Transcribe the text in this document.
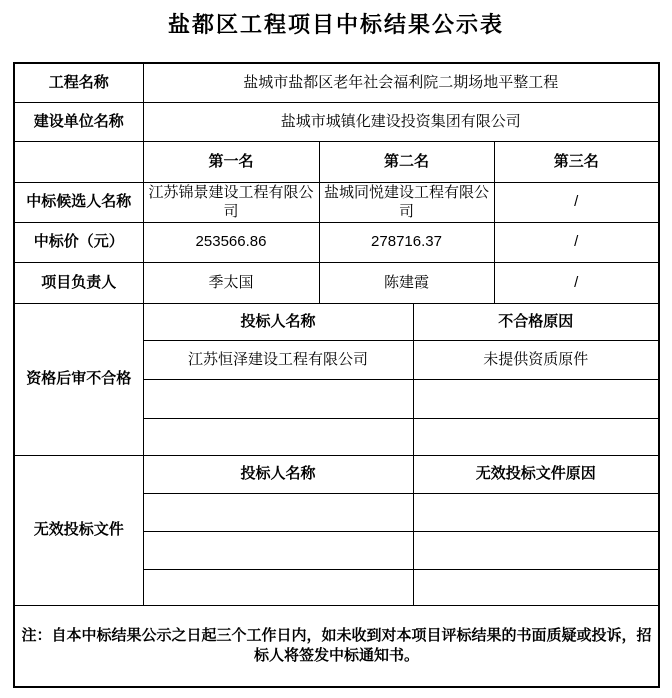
盐都区工程项目中标结果公示表
工程名称	盐城市盐都区老年社会福利院二期场地平整工程			
建设单位名称	盐城市城镇化建设投资集团有限公司			
	第一名	第二名		第三名
中标候选人名称	江苏锦景建设工程有限公司	盐城同悦建设工程有限公司		/
中标价（元）	253566.86	278716.37		/
项目负责人	季太国	陈建霞		/
资格后审不合格	投标人名称		不合格原因	
	江苏恒泽建设工程有限公司		未提供资质原件	

无效投标文件	投标人名称		无效投标文件原因	

注：自本中标结果公示之日起三个工作日内，如未收到对本项目评标结果的书面质疑或投诉，招标人将签发中标通知书。				
